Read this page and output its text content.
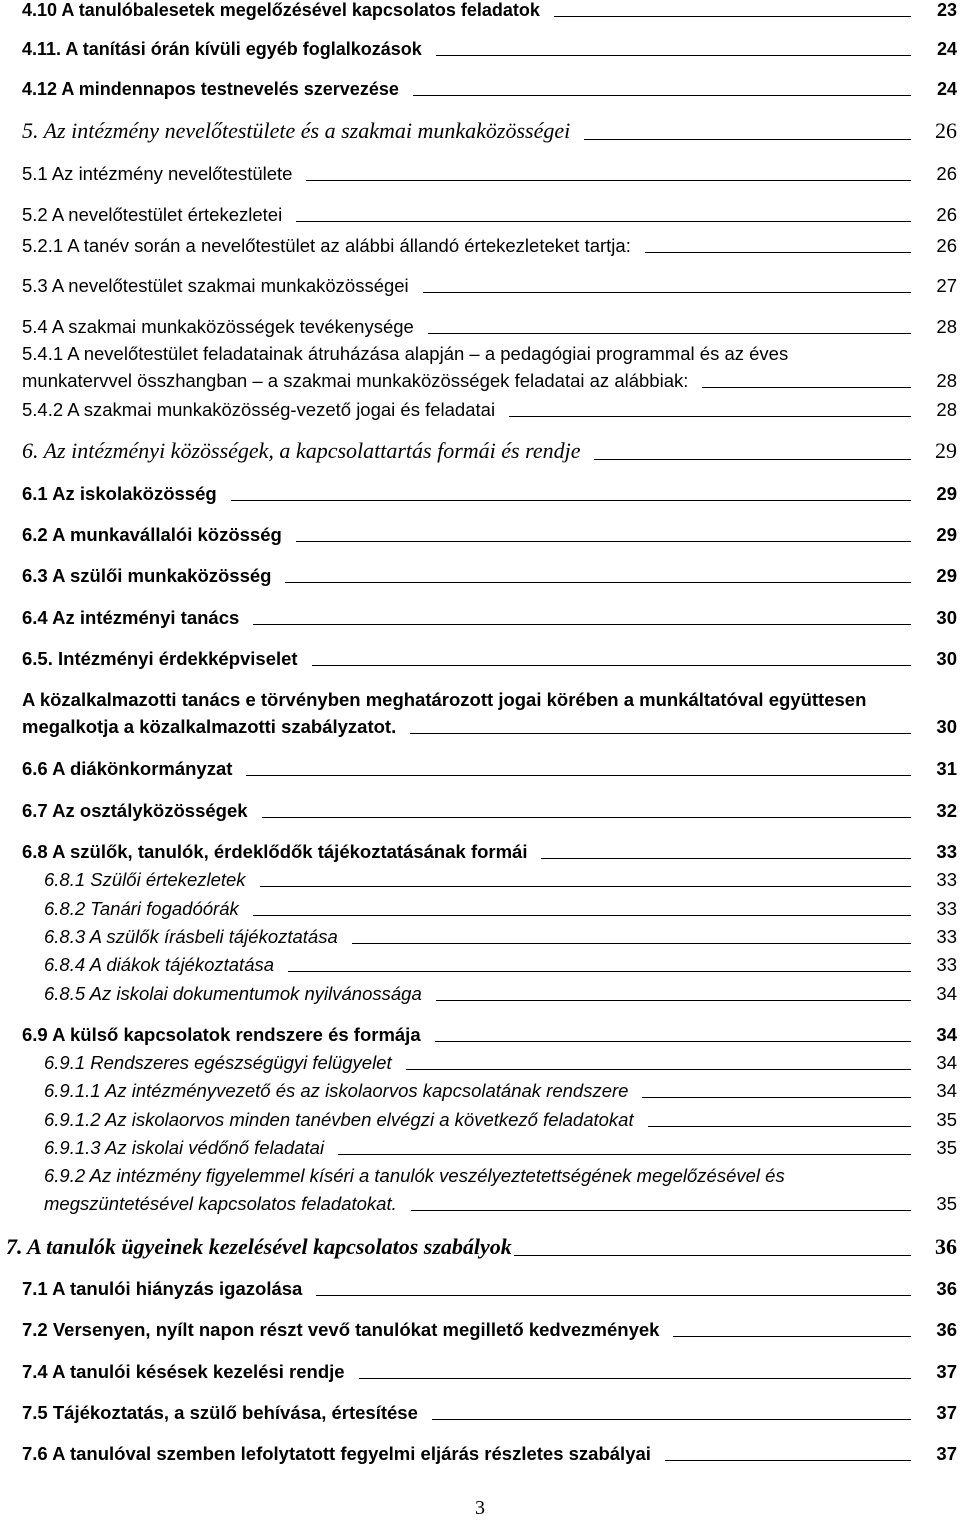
4.10 A tanulóbalesetek megelőzésével kapcsolatos feladatok	23
4.11. A tanítási órán kívüli egyéb foglalkozások	24
4.12 A mindennapos testnevelés szervezése	24
5. Az intézmény nevelőtestülete és a szakmai munkaközösségei	26
5.1 Az intézmény nevelőtestülete	26
5.2 A nevelőtestület értekezletei	26
5.2.1 A tanév során a nevelőtestület az alábbi állandó értekezleteket tartja:	26
5.3 A nevelőtestület szakmai munkaközösségei	27
5.4 A szakmai munkaközösségek tevékenysége	28
5.4.1 A nevelőtestület feladatainak átruházása alapján – a pedagógiai programmal és az éves
munkatervvel összhangban – a szakmai munkaközösségek feladatai az alábbiak:	28
5.4.2 A szakmai munkaközösség-vezető jogai és feladatai	28
6. Az intézményi közösségek, a kapcsolattartás formái és rendje	29
6.1 Az iskolaközösség	29
6.2 A munkavállalói közösség	29
6.3 A szülői munkaközösség	29
6.4 Az intézményi tanács	30
6.5. Intézményi érdekképviselet	30
A közalkalmazotti tanács e törvényben meghatározott jogai körében a munkáltatóval együttesen
megalkotja a közalkalmazotti szabályzatot.	30
6.6 A diákönkormányzat	31
6.7 Az osztályközösségek	32
6.8 A szülők, tanulók, érdeklődők tájékoztatásának formái	33
6.8.1 Szülői értekezletek	33
6.8.2 Tanári fogadóórák	33
6.8.3 A szülők írásbeli tájékoztatása	33
6.8.4 A diákok tájékoztatása	33
6.8.5 Az iskolai dokumentumok nyilvánossága	34
6.9 A külső kapcsolatok rendszere és formája	34
6.9.1 Rendszeres egészségügyi felügyelet	34
6.9.1.1 Az intézményvezető és az iskolaorvos kapcsolatának rendszere	34
6.9.1.2 Az iskolaorvos minden tanévben elvégzi a következő feladatokat	35
6.9.1.3 Az iskolai védőnő feladatai	35
6.9.2 Az intézmény figyelemmel kíséri a tanulók veszélyeztetettségének megelőzésével és
megszüntetésével kapcsolatos feladatokat.	35
7. A tanulók ügyeinek kezelésével kapcsolatos szabályok	36
7.1 A tanulói hiányzás igazolása	36
7.2 Versenyen, nyílt napon részt vevő tanulókat megillető kedvezmények	36
7.4 A tanulói késések kezelési rendje	37
7.5 Tájékoztatás, a szülő behívása, értesítése	37
7.6 A tanulóval szemben lefolytatott fegyelmi eljárás részletes szabályai	37
3
